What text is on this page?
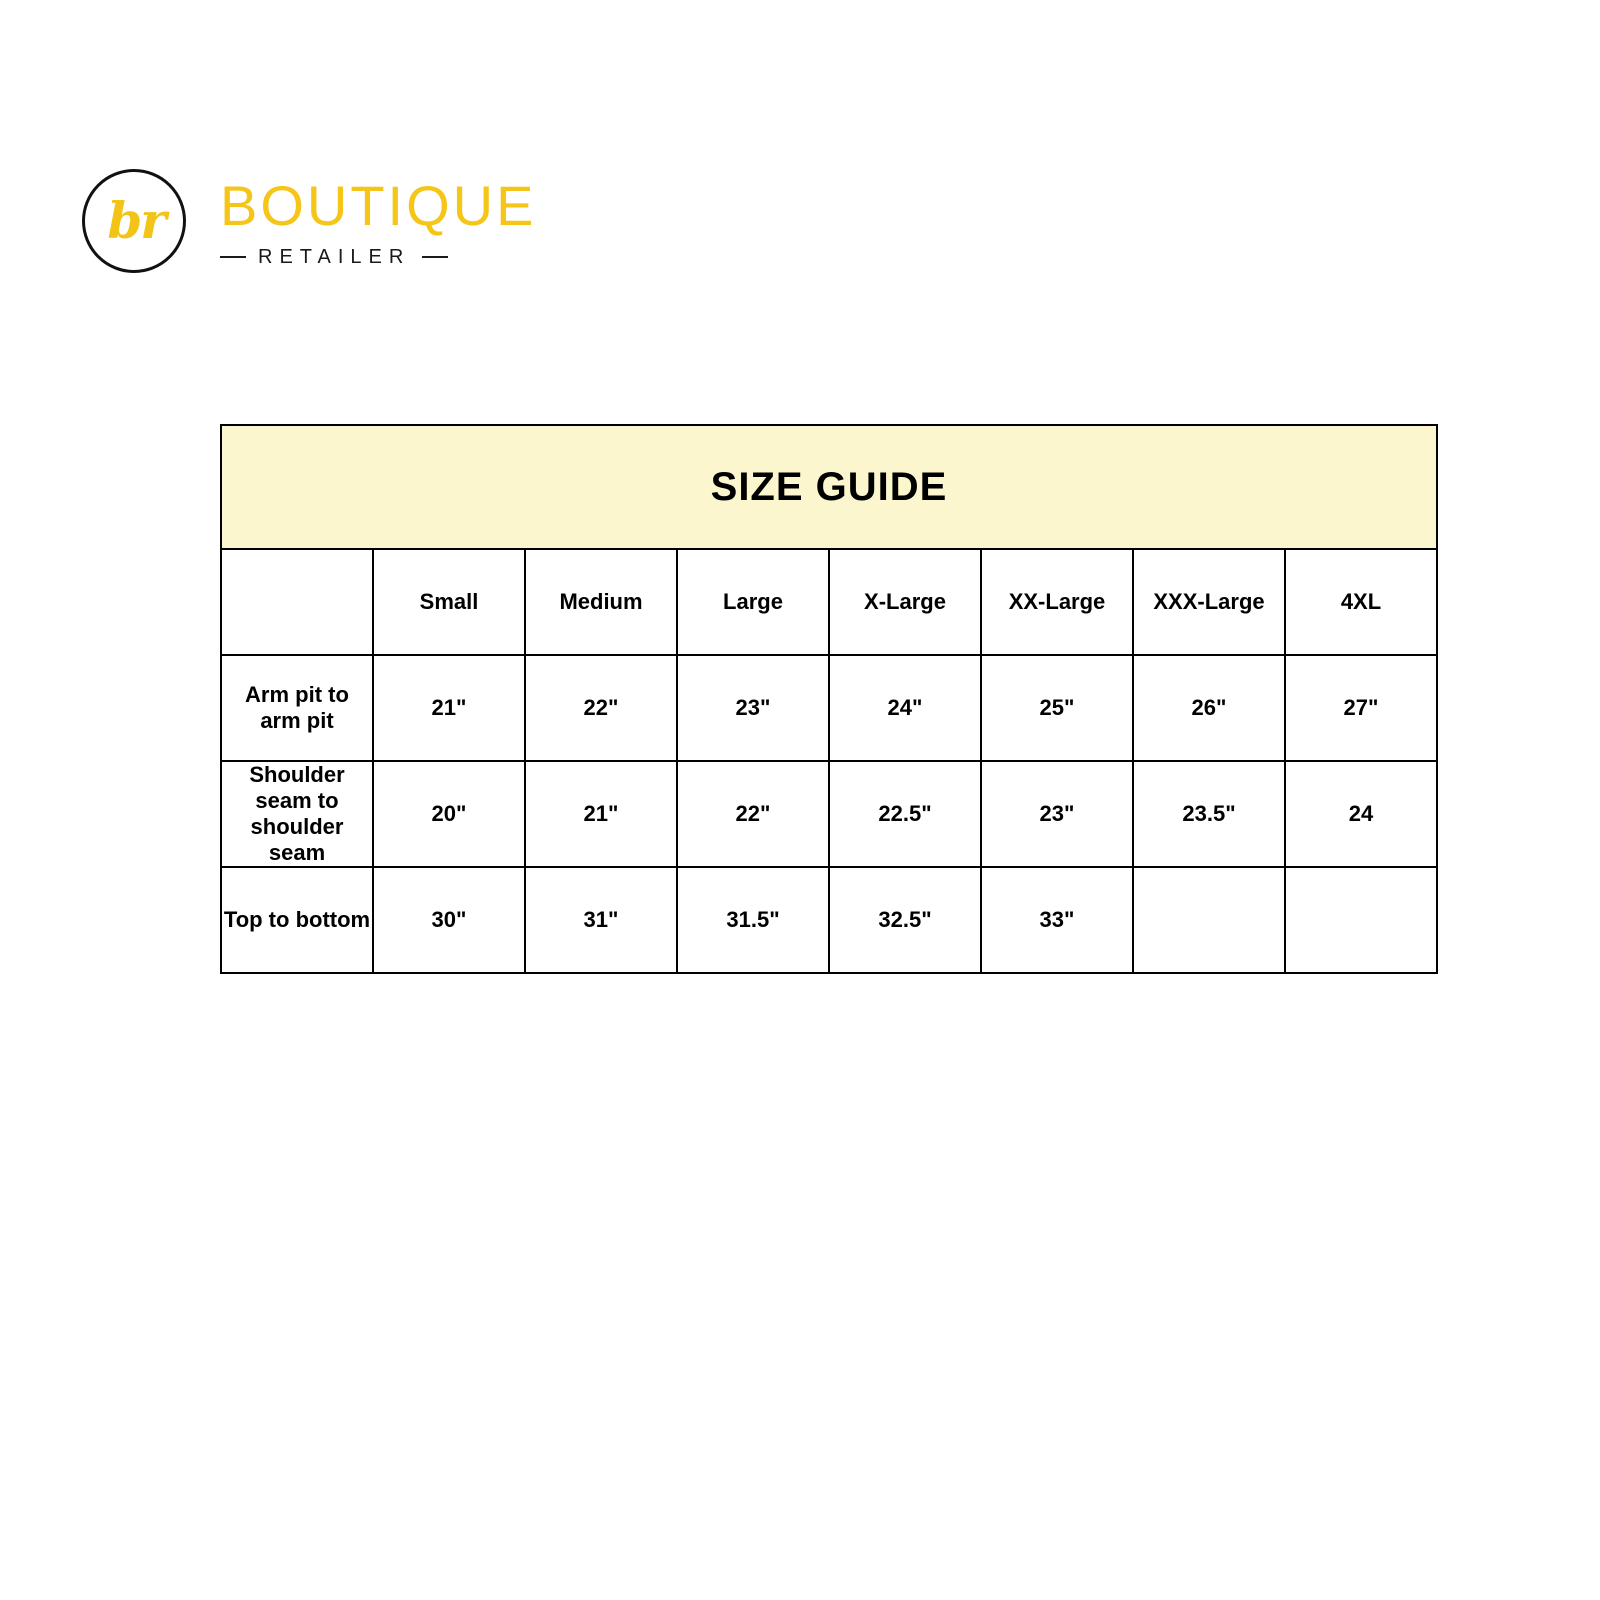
br BOUTIQUE
RETAILER
SIZE GUIDE							
	Small	Medium	Large	X-Large	XX-Large	XXX-Large	4XL
Arm pit to arm pit	21"	22"	23"	24"	25"	26"	27"
Shoulder seam to shoulder seam	20"	21"	22"	22.5"	23"	23.5"	24
Top to bottom	30"	31"	31.5"	32.5"	33"		
